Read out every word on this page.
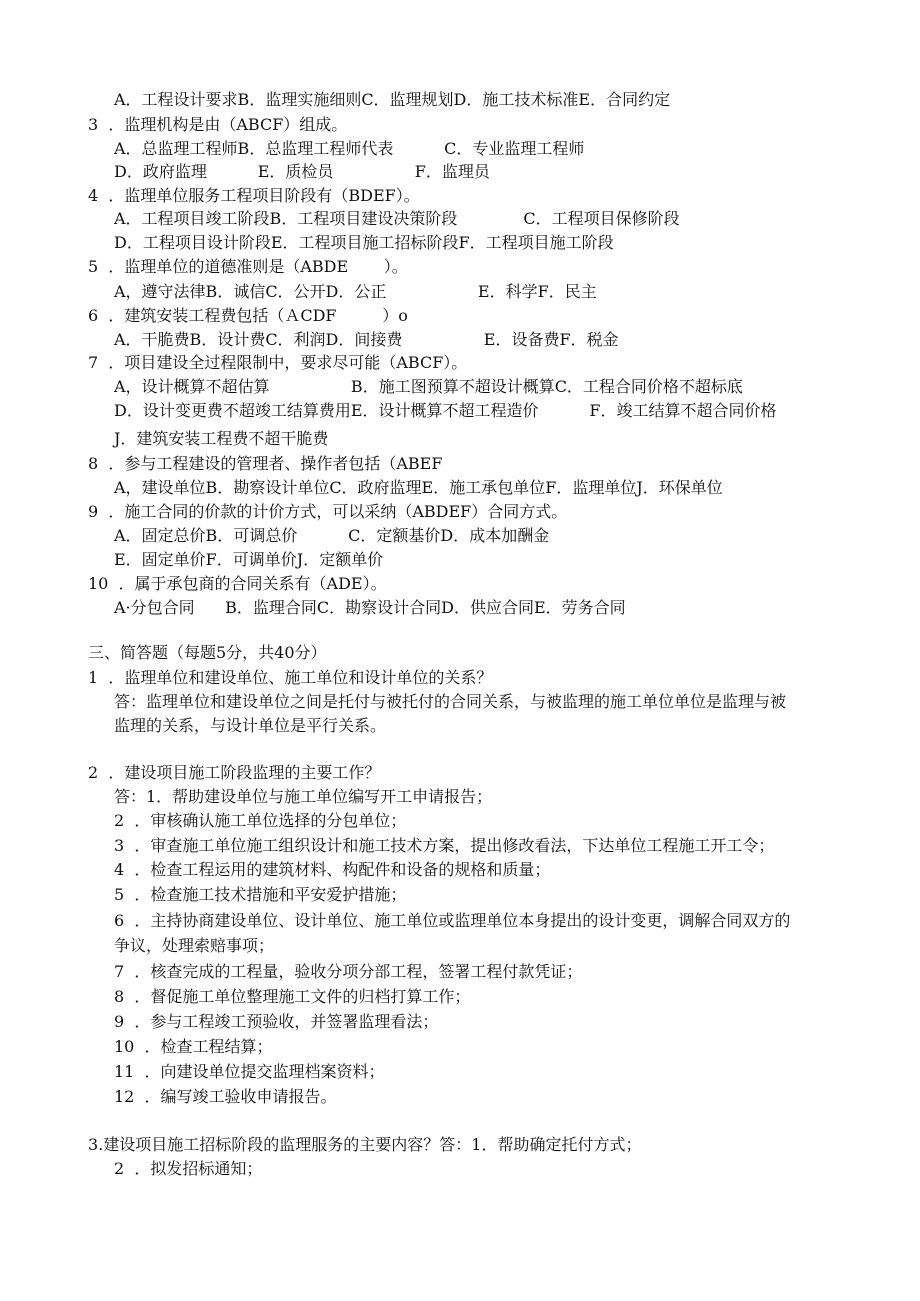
A．工程设计要求B．监理实施细则C．监理规划D．施工技术标准E．合同约定
3  ．监理机构是由（ABCF）组成。
A．总监理工程师B．总监理工程师代表          C．专业监理工程师
D．政府监理          E．质检员                F．监理员
4  ．监理单位服务工程项目阶段有（BDEF）。
A．工程项目竣工阶段B．工程项目建设决策阶段             C．工程项目保修阶段
D．工程项目设计阶段E．工程项目施工招标阶段F．工程项目施工阶段
5  ．监理单位的道德准则是（ABDE       ）。
A，遵守法律B．诚信C．公开D．公正                  E．科学F．民主
6  ．建筑安装工程费包括（ＡCDF         ）o
A．干脆费B．设计费C．利润D．间接费                E．设备费F．税金
7  ．项目建设全过程限制中，要求尽可能（ABCF）。
A，设计概算不超估算                B．施工图预算不超设计概算C．工程合同价格不超标底
D．设计变更费不超竣工结算费用E．设计概算不超工程造价          F．竣工结算不超合同价格
J．建筑安装工程费不超干脆费
8  ．参与工程建设的管理者、操作者包括（ABEF
A，建设单位B．勘察设计单位C．政府监理E．施工承包单位F．监理单位J．环保单位
9  ．施工合同的价款的计价方式，可以采纳（ABDEF）合同方式。
A．固定总价B．可调总价          C．定额基价D．成本加酬金
E．固定单价F．可调单价J．定额单价
10  ．属于承包商的合同关系有（ADE）。
A·分包合同      B．监理合同C．勘察设计合同D．供应合同E．劳务合同
三、简答题（每题5分，共40分）
1  ．监理单位和建设单位、施工单位和设计单位的关系？
答：监理单位和建设单位之间是托付与被托付的合同关系，与被监理的施工单位单位是监理与被
监理的关系，与设计单位是平行关系。
2  ．建设项目施工阶段监理的主要工作？
答：1．帮助建设单位与施工单位编写开工申请报告；
2  ．审核确认施工单位选择的分包单位；
3  ．审查施工单位施工组织设计和施工技术方案，提出修改看法，下达单位工程施工开工令；
4  ．检查工程运用的建筑材料、构配件和设备的规格和质量；
5  ．检查施工技术措施和平安爱护措施；
6  ．主持协商建设单位、设计单位、施工单位或监理单位本身提出的设计变更，调解合同双方的
争议，处理索赔事项；
7  ．核查完成的工程量，验收分项分部工程，签署工程付款凭证；
8  ．督促施工单位整理施工文件的归档打算工作；
9  ．参与工程竣工预验收，并签署监理看法；
10  ．检查工程结算；
11  ．向建设单位提交监理档案资料；
12  ．编写竣工验收申请报告。
3.建设项目施工招标阶段的监理服务的主要内容？答：1．帮助确定托付方式；
2  ．拟发招标通知；
